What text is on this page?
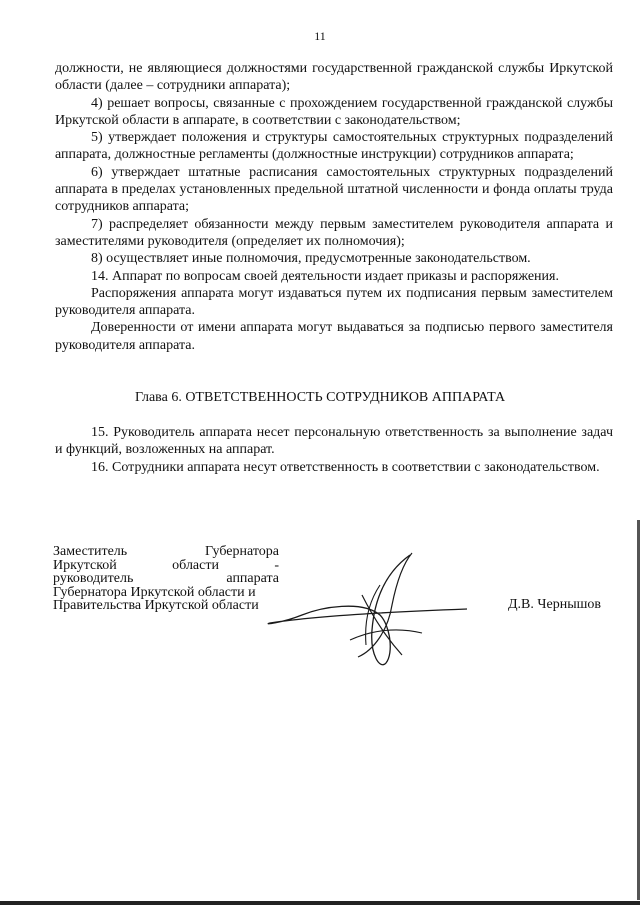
11

должности, не являющиеся должностями государственной гражданской службы Иркутской области (далее – сотрудники аппарата);

4) решает вопросы, связанные с прохождением государственной гражданской службы Иркутской области в аппарате, в соответствии с законодательством;

5) утверждает положения и структуры самостоятельных структурных подразделений аппарата, должностные регламенты (должностные инструкции) сотрудников аппарата;

6) утверждает штатные расписания самостоятельных структурных подразделений аппарата в пределах установленных предельной штатной численности и фонда оплаты труда сотрудников аппарата;

7) распределяет обязанности между первым заместителем руководителя аппарата и заместителями руководителя (определяет их полномочия);

8) осуществляет иные полномочия, предусмотренные законодательством.

14. Аппарат по вопросам своей деятельности издает приказы и распоряжения.

Распоряжения аппарата могут издаваться путем их подписания первым заместителем руководителя аппарата.

Доверенности от имени аппарата могут выдаваться за подписью первого заместителя руководителя аппарата.

Глава 6. ОТВЕТСТВЕННОСТЬ СОТРУДНИКОВ АППАРАТА

15. Руководитель аппарата несет персональную ответственность за выполнение задач и функций, возложенных на аппарат.

16. Сотрудники аппарата несут ответственность в соответствии с законодательством.

Заместитель Губернатора
Иркутской области -
руководитель аппарата
Губернатора Иркутской области и
Правительства Иркутской области	Д.В. Чернышов
